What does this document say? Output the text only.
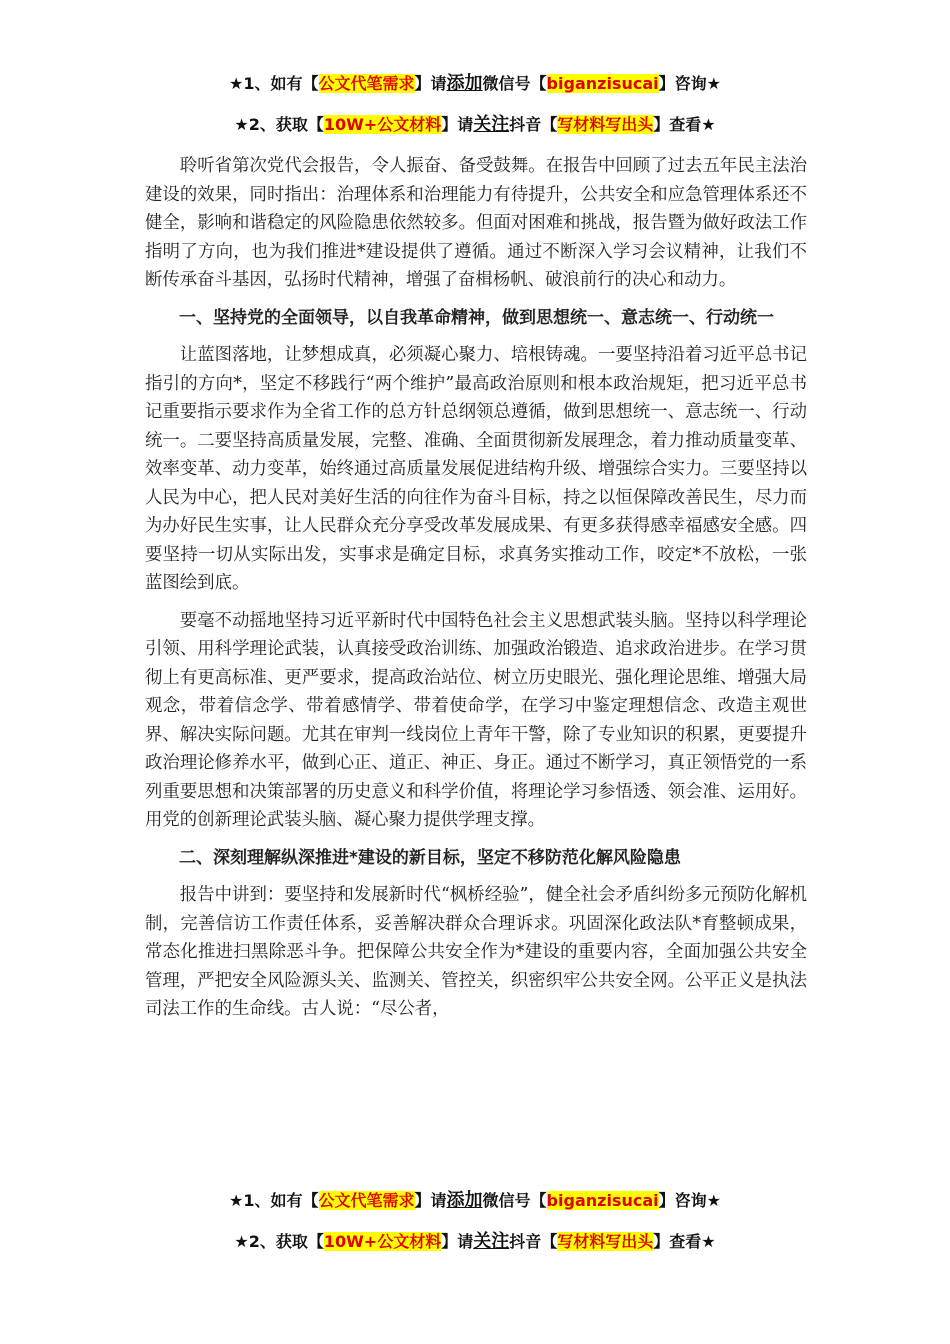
★1、如有【公文代笔需求】请添加微信号【biganzisucai】咨询★
★2、获取【10W+公文材料】请关注抖音【写材料写出头】查看★

聆听省第次党代会报告，令人振奋、备受鼓舞。在报告中回顾了过去五年民主法治建设的效果，同时指出：治理体系和治理能力有待提升，公共安全和应急管理体系还不健全，影响和谐稳定的风险隐患依然较多。但面对困难和挑战，报告暨为做好政法工作指明了方向，也为我们推进*建设提供了遵循。通过不断深入学习会议精神，让我们不断传承奋斗基因，弘扬时代精神，增强了奋楫杨帆、破浪前行的决心和动力。

一、坚持党的全面领导，以自我革命精神，做到思想统一、意志统一、行动统一

让蓝图落地，让梦想成真，必须凝心聚力、培根铸魂。一要坚持沿着习近平总书记指引的方向*，坚定不移践行“两个维护”最高政治原则和根本政治规矩，把习近平总书记重要指示要求作为全省工作的总方针总纲领总遵循，做到思想统一、意志统一、行动统一。二要坚持高质量发展，完整、准确、全面贯彻新发展理念，着力推动质量变革、效率变革、动力变革，始终通过高质量发展促进结构升级、增强综合实力。三要坚持以人民为中心，把人民对美好生活的向往作为奋斗目标，持之以恒保障改善民生，尽力而为办好民生实事，让人民群众充分享受改革发展成果、有更多获得感幸福感安全感。四要坚持一切从实际出发，实事求是确定目标，求真务实推动工作，咬定*不放松，一张蓝图绘到底。

要毫不动摇地坚持习近平新时代中国特色社会主义思想武装头脑。坚持以科学理论引领、用科学理论武装，认真接受政治训练、加强政治锻造、追求政治进步。在学习贯彻上有更高标准、更严要求，提高政治站位、树立历史眼光、强化理论思维、增强大局观念，带着信念学、带着感情学、带着使命学，在学习中鉴定理想信念、改造主观世界、解决实际问题。尤其在审判一线岗位上青年干警，除了专业知识的积累，更要提升政治理论修养水平，做到心正、道正、神正、身正。通过不断学习，真正领悟党的一系列重要思想和决策部署的历史意义和科学价值，将理论学习参悟透、领会准、运用好。用党的创新理论武装头脑、凝心聚力提供学理支撑。

二、深刻理解纵深推进*建设的新目标，坚定不移防范化解风险隐患

报告中讲到：要坚持和发展新时代“枫桥经验”，健全社会矛盾纠纷多元预防化解机制，完善信访工作责任体系，妥善解决群众合理诉求。巩固深化政法队*育整顿成果，常态化推进扫黑除恶斗争。把保障公共安全作为*建设的重要内容，全面加强公共安全管理，严把安全风险源头关、监测关、管控关，织密织牢公共安全网。公平正义是执法司法工作的生命线。古人说：“尽公者，

★1、如有【公文代笔需求】请添加微信号【biganzisucai】咨询★
★2、获取【10W+公文材料】请关注抖音【写材料写出头】查看★
